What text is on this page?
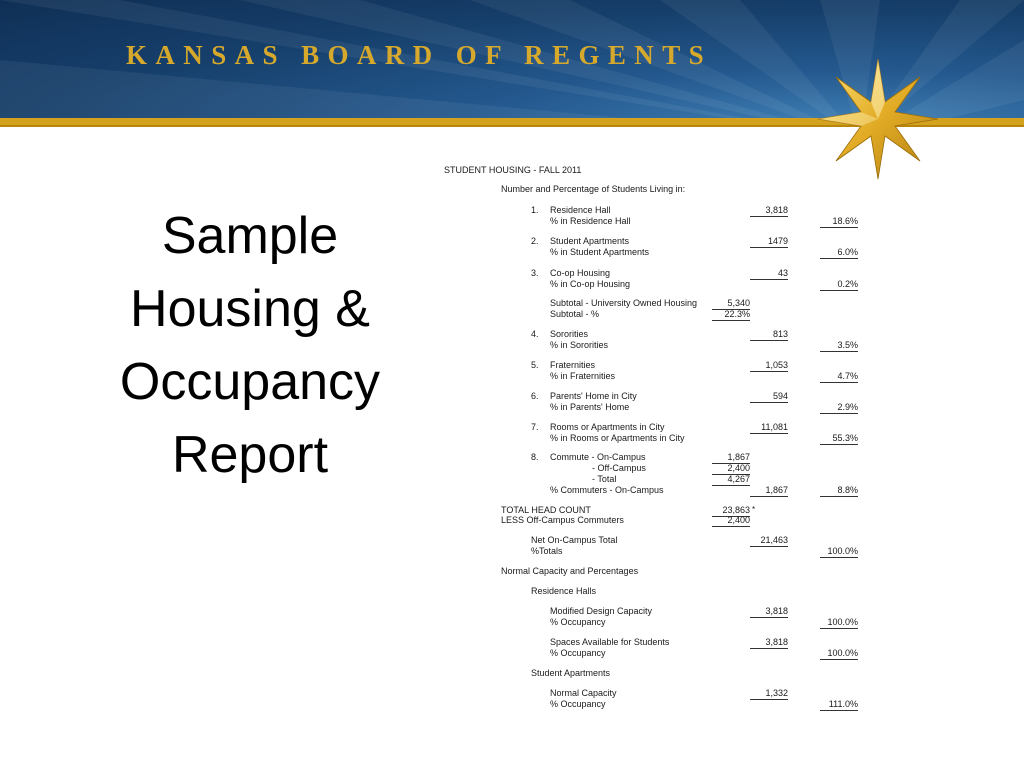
KANSAS BOARD OF REGENTS
Sample
Housing &
Occupancy
Report
STUDENT HOUSING - FALL 2011
Number and Percentage of Students Living in:
1. Residence Hall	3,818
% in Residence Hall	18.6%
2. Student Apartments	1479
% in Student Apartments	6.0%
3. Co-op Housing	43
% in Co-op Housing	0.2%
Subtotal - University Owned Housing	5,340
Subtotal - %	22.3%
4. Sororities	813
% in Sororities	3.5%
5. Fraternities	1,053
% in Fraternities	4.7%
6. Parents' Home in City	594
% in Parents' Home	2.9%
7. Rooms or Apartments in City	11,081
% in Rooms or Apartments in City	55.3%
8. Commute - On-Campus	1,867
- Off-Campus	2,400
- Total	4,267
% Commuters - On-Campus	1,867	8.8%
TOTAL HEAD COUNT	23,863 *
LESS Off-Campus Commuters	2,400
Net On-Campus Total	21,463
%Totals	100.0%
Normal Capacity and Percentages
Residence Halls
Modified Design Capacity	3,818
% Occupancy	100.0%
Spaces Available for Students	3,818
% Occupancy	100.0%
Student Apartments
Normal Capacity	1,332
% Occupancy	111.0%
